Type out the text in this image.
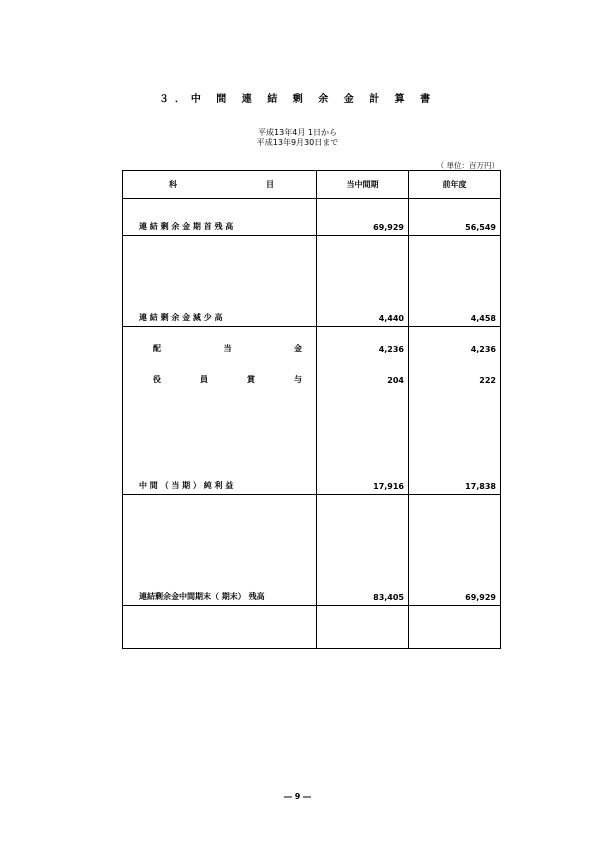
３．中 間 連 結 剰 余 金 計 算 書
平成13年4月 1日から
平成13年9月30日まで
（ 単位：百万円）
科 目	当中間期	前年度
連 結 剰 余 金 期 首 残 高	69,929	56,549
連 結 剰 余 金 減 少 高	4,440	4,458

配 当 金	4,236	4,236

役 員 賞 与	204	222
中 間 （ 当 期 ） 純 利 益	17,916	17,838
連結剰余金中間期末（ 期末） 残高	83,405	69,929

― 9 ―
